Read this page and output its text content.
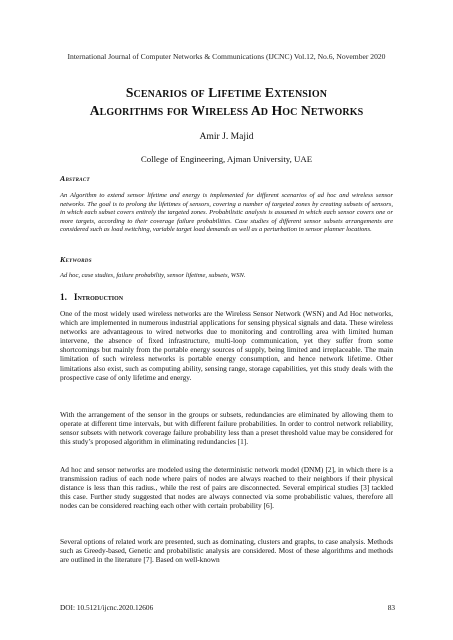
International Journal of Computer Networks & Communications (IJCNC) Vol.12, No.6, November 2020
Scenarios of Lifetime Extension
Algorithms for Wireless Ad Hoc Networks
Amir J. Majid
College of Engineering, Ajman University, UAE
Abstract
An Algorithm to extend sensor lifetime and energy is implemented for different scenarios of ad hoc and wireless sensor networks. The goal is to prolong the lifetimes of sensors, covering a number of targeted zones by creating subsets of sensors, in which each subset covers entirely the targeted zones. Probabilistic analysis is assumed in which each sensor covers one or more targets, according to their coverage failure probabilities. Case studies of different sensor subsets arrangements are considered such as load switching, variable target load demands as well as a perturbation in sensor planner locations.
Keywords
Ad hoc, case studies, failure probability, sensor lifetime, subsets, WSN.
1. Introduction
One of the most widely used wireless networks are the Wireless Sensor Network (WSN) and Ad Hoc networks, which are implemented in numerous industrial applications for sensing physical signals and data. These wireless networks are advantageous to wired networks due to monitoring and controlling area with limited human intervene, the absence of fixed infrastructure, multi-loop communication, yet they suffer from some shortcomings but mainly from the portable energy sources of supply, being limited and irreplaceable. The main limitation of such wireless networks is portable energy consumption, and hence network lifetime. Other limitations also exist, such as computing ability, sensing range, storage capabilities, yet this study deals with the prospective case of only lifetime and energy.
With the arrangement of the sensor in the groups or subsets, redundancies are eliminated by allowing them to operate at different time intervals, but with different failure probabilities. In order to control network reliability, sensor subsets with network coverage failure probability less than a preset threshold value may be considered for this study’s proposed algorithm in eliminating redundancies [1].
Ad hoc and sensor networks are modeled using the deterministic network model (DNM) [2], in which there is a transmission radius of each node where pairs of nodes are always reached to their neighbors if their physical distance is less than this radius., while the rest of pairs are disconnected. Several empirical studies [3] tackled this case. Further study suggested that nodes are always connected via some probabilistic values, therefore all nodes can be considered reaching each other with certain probability [6].
Several options of related work are presented, such as dominating, clusters and graphs, to case analysis. Methods such as Greedy-based, Genetic and probabilistic analysis are considered. Most of these algorithms and methods are outlined in the literature [7]. Based on well-known
DOI: 10.5121/ijcnc.2020.12606	83
